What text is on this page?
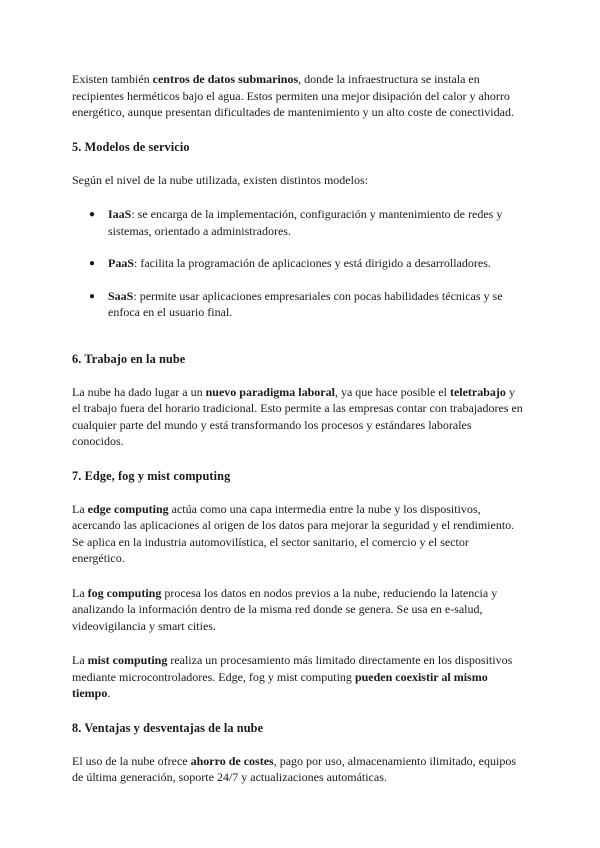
Existen también centros de datos submarinos, donde la infraestructura se instala en recipientes herméticos bajo el agua. Estos permiten una mejor disipación del calor y ahorro energético, aunque presentan dificultades de mantenimiento y un alto coste de conectividad.

5. Modelos de servicio

Según el nivel de la nube utilizada, existen distintos modelos:

● IaaS: se encarga de la implementación, configuración y mantenimiento de redes y sistemas, orientado a administradores.
● PaaS: facilita la programación de aplicaciones y está dirigido a desarrolladores.
● SaaS: permite usar aplicaciones empresariales con pocas habilidades técnicas y se enfoca en el usuario final.
6. Trabajo en la nube

La nube ha dado lugar a un nuevo paradigma laboral, ya que hace posible el teletrabajo y el trabajo fuera del horario tradicional. Esto permite a las empresas contar con trabajadores en cualquier parte del mundo y está transformando los procesos y estándares laborales conocidos.

7. Edge, fog y mist computing

La edge computing actúa como una capa intermedia entre la nube y los dispositivos, acercando las aplicaciones al origen de los datos para mejorar la seguridad y el rendimiento. Se aplica en la industria automovilística, el sector sanitario, el comercio y el sector energético.

La fog computing procesa los datos en nodos previos a la nube, reduciendo la latencia y analizando la información dentro de la misma red donde se genera. Se usa en e-salud, videovigilancia y smart cities.

La mist computing realiza un procesamiento más limitado directamente en los dispositivos mediante microcontroladores. Edge, fog y mist computing pueden coexistir al mismo tiempo.

8. Ventajas y desventajas de la nube

El uso de la nube ofrece ahorro de costes, pago por uso, almacenamiento ilimitado, equipos de última generación, soporte 24/7 y actualizaciones automáticas.
